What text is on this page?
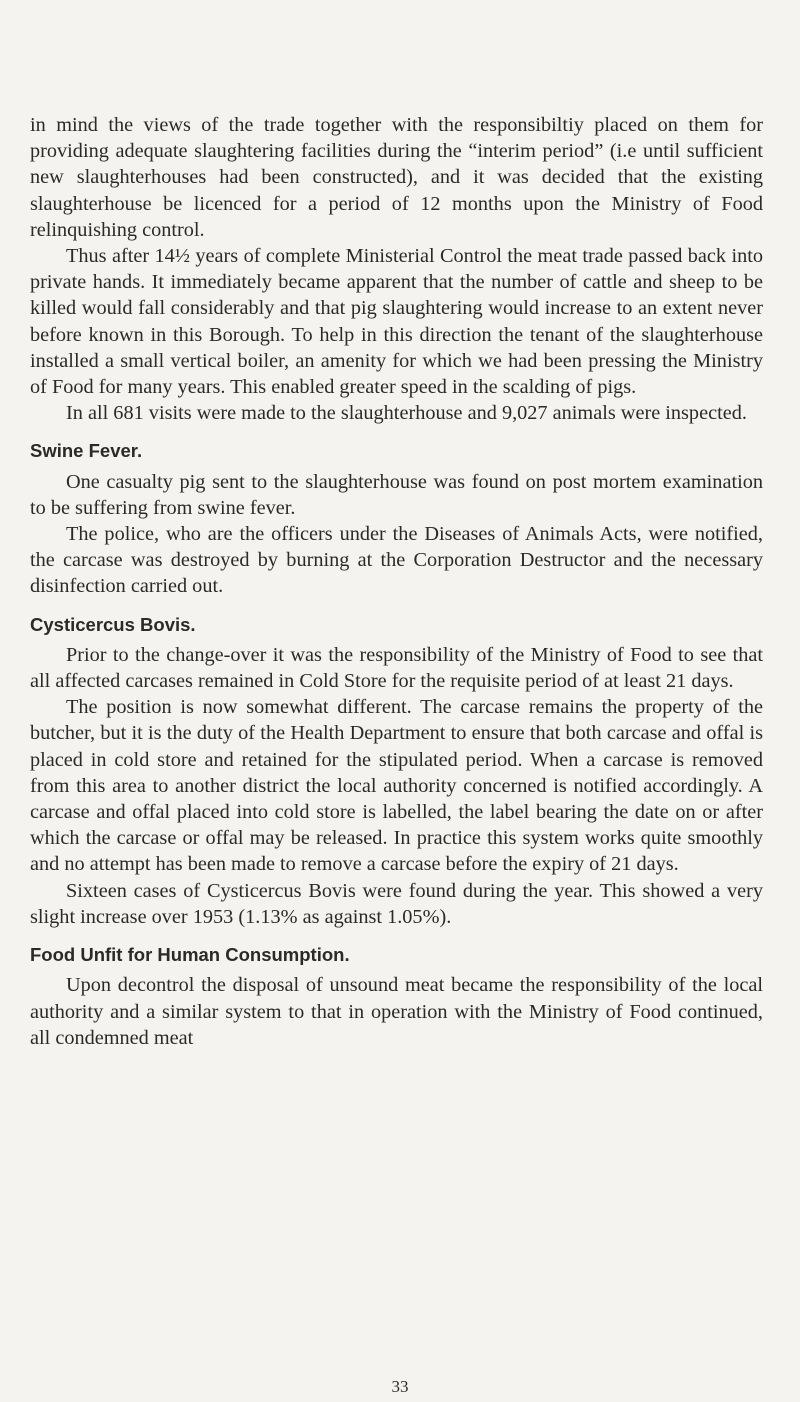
in mind the views of the trade together with the responsibiltiy placed on them for providing adequate slaughtering facilities during the “interim period” (i.e until sufficient new slaughterhouses had been constructed), and it was decided that the existing slaughterhouse be licenced for a period of 12 months upon the Ministry of Food relinquishing control.

Thus after 14½ years of complete Ministerial Control the meat trade passed back into private hands. It immediately became apparent that the number of cattle and sheep to be killed would fall considerably and that pig slaughtering would increase to an extent never before known in this Borough. To help in this direction the tenant of the slaughterhouse installed a small vertical boiler, an amenity for which we had been pressing the Ministry of Food for many years. This enabled greater speed in the scalding of pigs.

In all 681 visits were made to the slaughterhouse and 9,027 animals were inspected.

Swine Fever.

One casualty pig sent to the slaughterhouse was found on post mortem examination to be suffering from swine fever.

The police, who are the officers under the Diseases of Animals Acts, were notified, the carcase was destroyed by burning at the Corporation Destructor and the necessary disinfection carried out.

Cysticercus Bovis.

Prior to the change-over it was the responsibility of the Ministry of Food to see that all affected carcases remained in Cold Store for the requisite period of at least 21 days.

The position is now somewhat different. The carcase remains the property of the butcher, but it is the duty of the Health Department to ensure that both carcase and offal is placed in cold store and retained for the stipulated period. When a carcase is removed from this area to another district the local authority concerned is notified accordingly. A carcase and offal placed into cold store is labelled, the label bearing the date on or after which the carcase or offal may be released. In practice this system works quite smoothly and no attempt has been made to remove a carcase before the expiry of 21 days.

Sixteen cases of Cysticercus Bovis were found during the year. This showed a very slight increase over 1953 (1.13% as against 1.05%).

Food Unfit for Human Consumption.

Upon decontrol the disposal of unsound meat became the responsibility of the local authority and a similar system to that in operation with the Ministry of Food continued, all condemned meat

33
